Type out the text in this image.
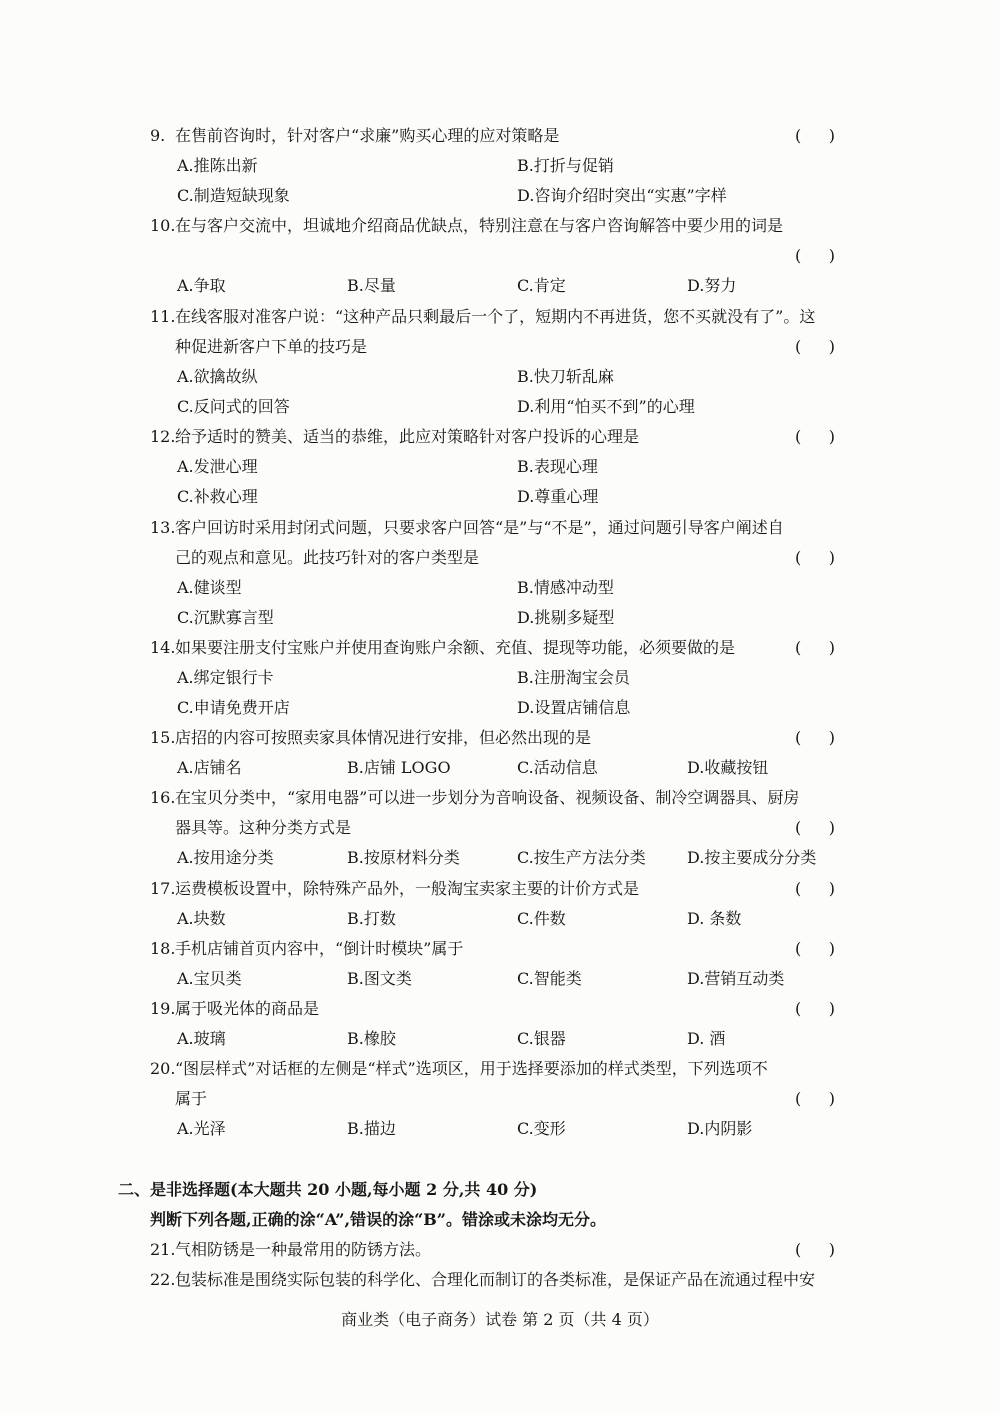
9. 在售前咨询时，针对客户“求廉”购买心理的应对策略是	( )
A.推陈出新	B.打折与促销
C.制造短缺现象	D.咨询介绍时突出“实惠”字样
10. 在与客户交流中，坦诚地介绍商品优缺点，特别注意在与客户咨询解答中要少用的词是
( )
A.争取	B.尽量	C.肯定	D.努力
11. 在线客服对准客户说：“这种产品只剩最后一个了，短期内不再进货，您不买就没有了”。这
种促进新客户下单的技巧是	( )
A.欲擒故纵	B.快刀斩乱麻
C.反问式的回答	D.利用“怕买不到”的心理
12. 给予适时的赞美、适当的恭维，此应对策略针对客户投诉的心理是	( )
A.发泄心理	B.表现心理
C.补救心理	D.尊重心理
13. 客户回访时采用封闭式问题，只要求客户回答“是”与“不是”，通过问题引导客户阐述自
己的观点和意见。此技巧针对的客户类型是	( )
A.健谈型	B.情感冲动型
C.沉默寡言型	D.挑剔多疑型
14. 如果要注册支付宝账户并使用查询账户余额、充值、提现等功能，必须要做的是	( )
A.绑定银行卡	B.注册淘宝会员
C.申请免费开店	D.设置店铺信息
15. 店招的内容可按照卖家具体情况进行安排，但必然出现的是	( )
A.店铺名	B.店铺 LOGO	C.活动信息	D.收藏按钮
16. 在宝贝分类中，“家用电器”可以进一步划分为音响设备、视频设备、制冷空调器具、厨房
器具等。这种分类方式是	( )
A.按用途分类	B.按原材料分类	C.按生产方法分类	D.按主要成分分类
17. 运费模板设置中，除特殊产品外，一般淘宝卖家主要的计价方式是	( )
A.块数	B.打数	C.件数	D. 条数
18. 手机店铺首页内容中，“倒计时模块”属于	( )
A.宝贝类	B.图文类	C.智能类	D.营销互动类
19. 属于吸光体的商品是	( )
A.玻璃	B.橡胶	C.银器	D. 酒
20. “图层样式”对话框的左侧是“样式”选项区，用于选择要添加的样式类型，下列选项不
属于	( )
A.光泽	B.描边	C.变形	D.内阴影
二、是非选择题(本大题共 20 小题,每小题 2 分,共 40 分)
判断下列各题,正确的涂“A”,错误的涂“B”。错涂或未涂均无分。
21. 气相防锈是一种最常用的防锈方法。	( )
22. 包装标准是围绕实际包装的科学化、合理化而制订的各类标准，是保证产品在流通过程中安
商业类（电子商务）试卷 第 2 页（共 4 页）
